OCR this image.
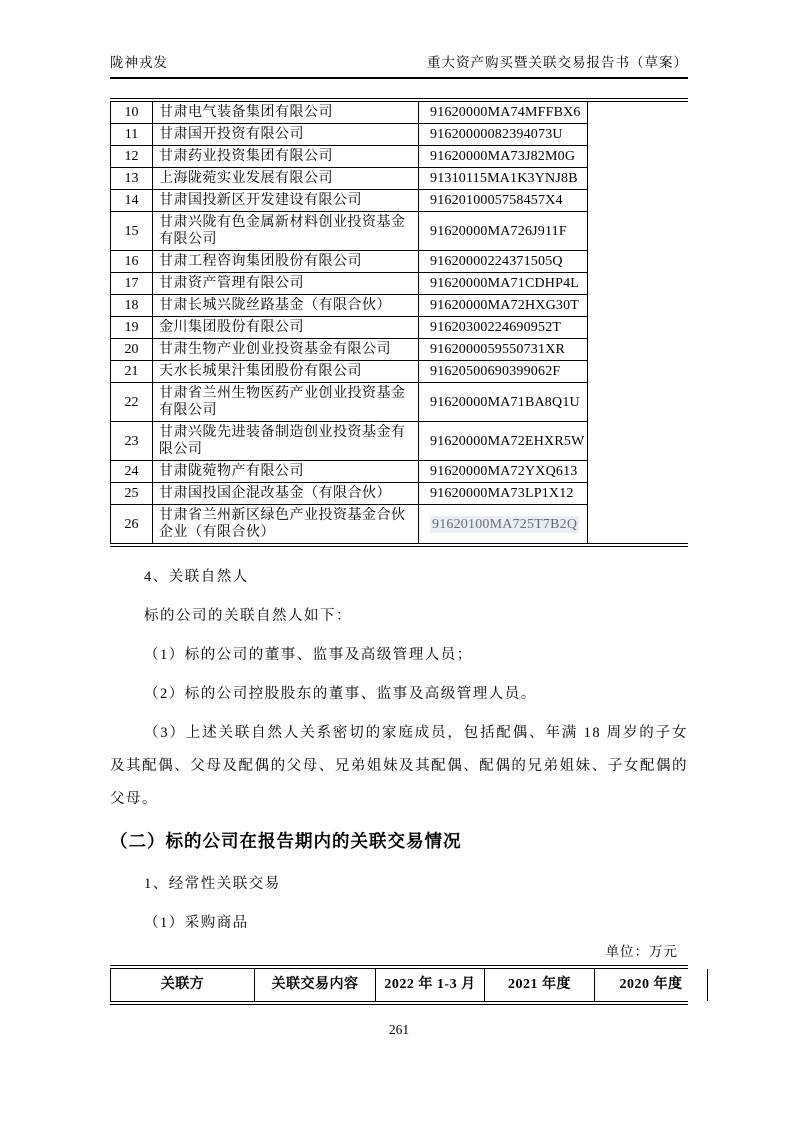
陇神戎发	重大资产购买暨关联交易报告书（草案）
10	甘肃电气装备集团有限公司	91620000MA74MFFBX6
11	甘肃国开投资有限公司	91620000082394073U
12	甘肃药业投资集团有限公司	91620000MA73J82M0G
13	上海陇菀实业发展有限公司	91310115MA1K3YNJ8B
14	甘肃国投新区开发建设有限公司	9162010005758457X4
15	甘肃兴陇有色金属新材料创业投资基金有限公司	91620000MA726J911F
16	甘肃工程咨询集团股份有限公司	91620000224371505Q
17	甘肃资产管理有限公司	91620000MA71CDHP4L
18	甘肃长城兴陇丝路基金（有限合伙）	91620000MA72HXG30T
19	金川集团股份有限公司	91620300224690952T
20	甘肃生物产业创业投资基金有限公司	9162000059550731XR
21	天水长城果汁集团股份有限公司	91620500690399062F
22	甘肃省兰州生物医药产业创业投资基金有限公司	91620000MA71BA8Q1U
23	甘肃兴陇先进装备制造创业投资基金有限公司	91620000MA72EHXR5W
24	甘肃陇菀物产有限公司	91620000MA72YXQ613
25	甘肃国投国企混改基金（有限合伙）	91620000MA73LP1X12
26	甘肃省兰州新区绿色产业投资基金合伙企业（有限合伙）	91620100MA725T7B2Q

4、关联自然人

标的公司的关联自然人如下：

（1）标的公司的董事、监事及高级管理人员；

（2）标的公司控股股东的董事、监事及高级管理人员。

（3）上述关联自然人关系密切的家庭成员，包括配偶、年满 18 周岁的子女及其配偶、父母及配偶的父母、兄弟姐妹及其配偶、配偶的兄弟姐妹、子女配偶的父母。

（二）标的公司在报告期内的关联交易情况

1、经常性关联交易

（1）采购商品

单位：万元
关联方	关联交易内容	2022 年 1-3 月	2021 年度	2020 年度
261
